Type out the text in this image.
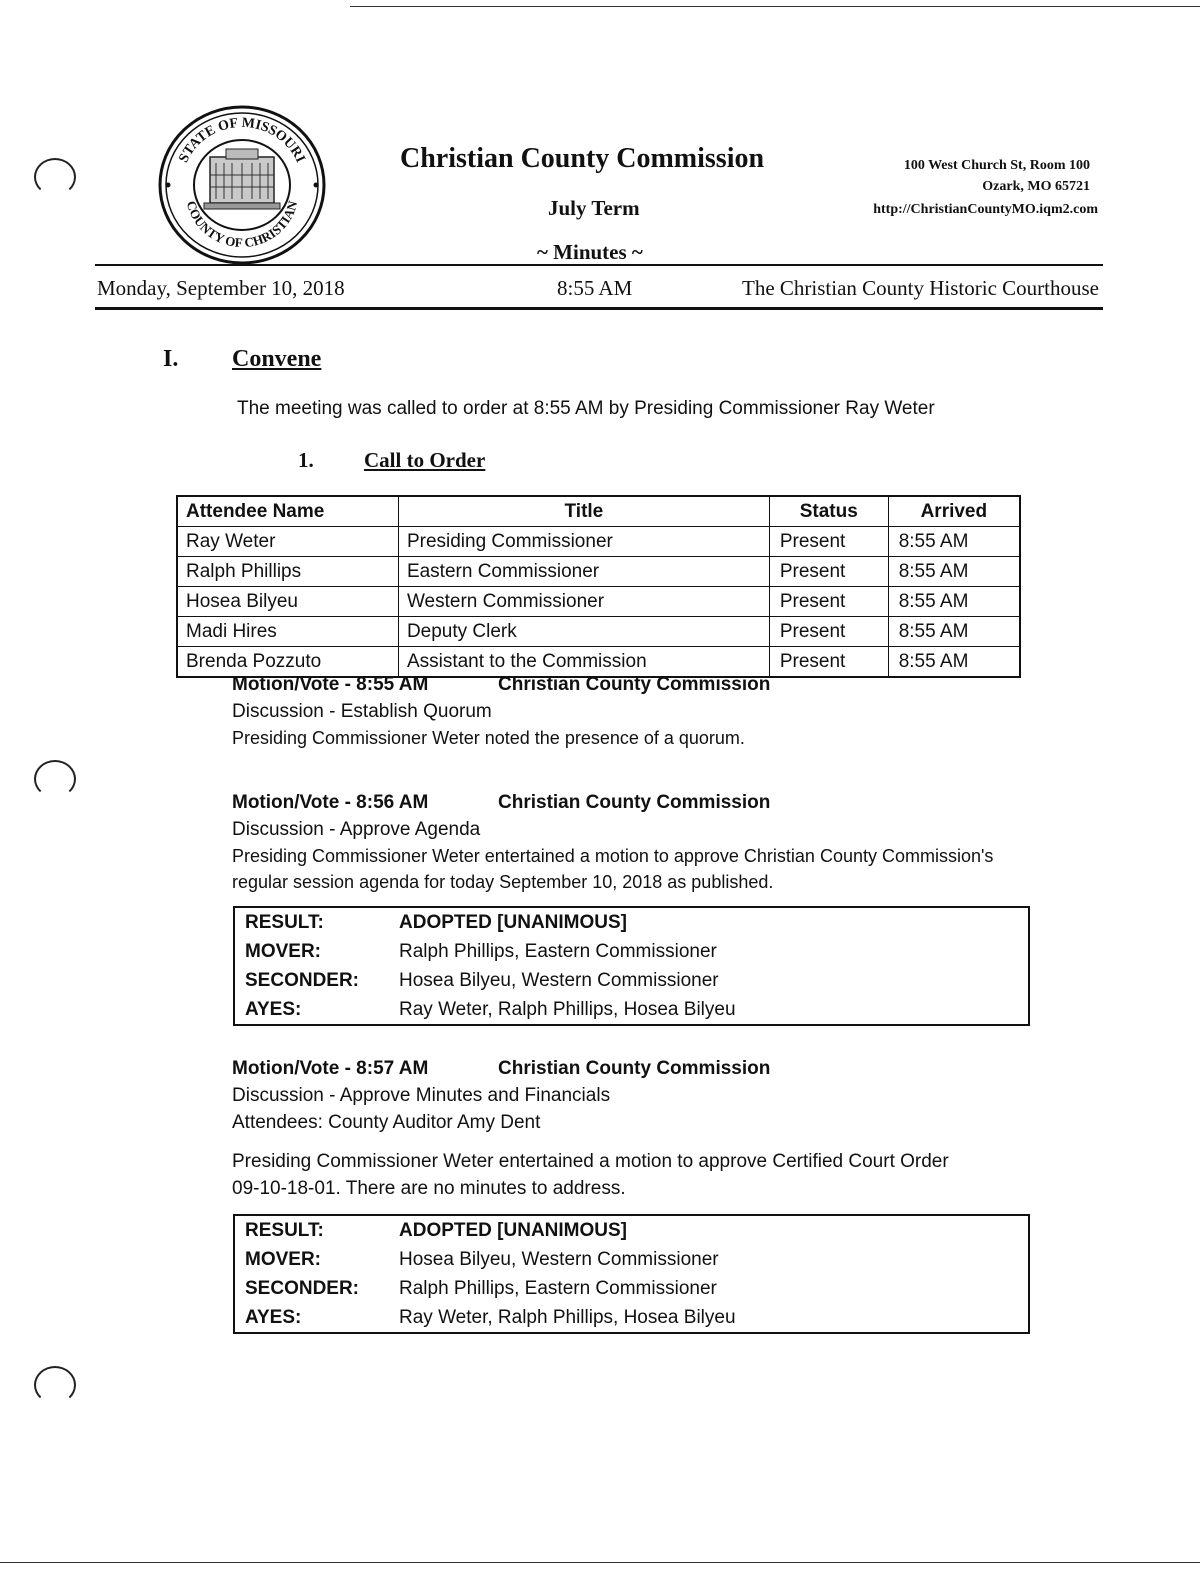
STATE OF MISSOURI
COUNTY OF CHRISTIAN
Christian County Commission
July Term
~ Minutes ~
100 West Church St, Room 100
Ozark, MO 65721
http://ChristianCountyMO.iqm2.com
Monday, September 10, 2018	8:55 AM	The Christian County Historic Courthouse
I. Convene
The meeting was called to order at 8:55 AM by Presiding Commissioner Ray Weter
1. Call to Order
Attendee Name	Title	Status	Arrived
Ray Weter	Presiding Commissioner	Present	8:55 AM
Ralph Phillips	Eastern Commissioner	Present	8:55 AM
Hosea Bilyeu	Western Commissioner	Present	8:55 AM
Madi Hires	Deputy Clerk	Present	8:55 AM
Brenda Pozzuto	Assistant to the Commission	Present	8:55 AM
Motion/Vote - 8:55 AM	Christian County Commission
Discussion - Establish Quorum
Presiding Commissioner Weter noted the presence of a quorum.
Motion/Vote - 8:56 AM	Christian County Commission
Discussion - Approve Agenda
Presiding Commissioner Weter entertained a motion to approve Christian County Commission's
regular session agenda for today September 10, 2018 as published.
RESULT:	ADOPTED [UNANIMOUS]
MOVER:	Ralph Phillips, Eastern Commissioner
SECONDER:	Hosea Bilyeu, Western Commissioner
AYES:	Ray Weter, Ralph Phillips, Hosea Bilyeu
Motion/Vote - 8:57 AM	Christian County Commission
Discussion - Approve Minutes and Financials
Attendees: County Auditor Amy Dent
Presiding Commissioner Weter entertained a motion to approve Certified Court Order
09-10-18-01. There are no minutes to address.
RESULT:	ADOPTED [UNANIMOUS]
MOVER:	Hosea Bilyeu, Western Commissioner
SECONDER:	Ralph Phillips, Eastern Commissioner
AYES:	Ray Weter, Ralph Phillips, Hosea Bilyeu
